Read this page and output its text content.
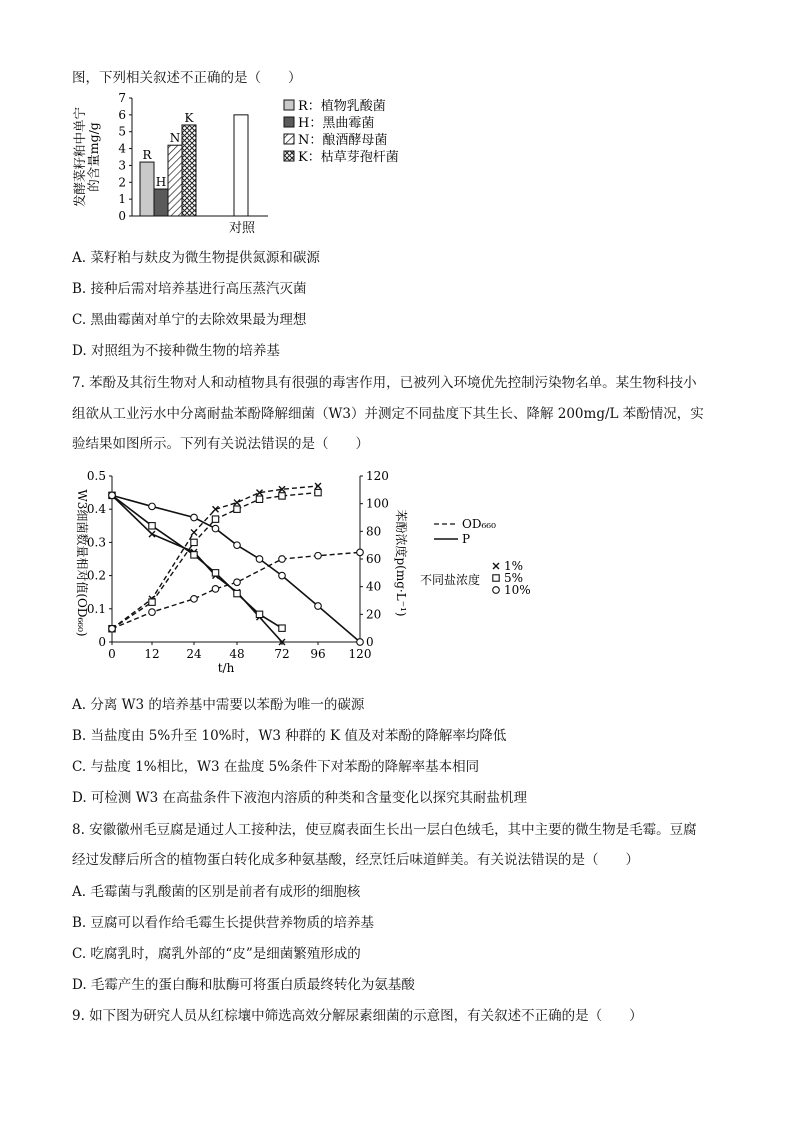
图，下列相关叙述不正确的是（　　）
发酵菜籽粕中单宁 的含量mg/g
0
1
2
3
4
5
6
7
R
H
N
K
对照
R：植物乳酸菌
H：黑曲霉菌
N：酿酒酵母菌
K：枯草芽孢杆菌
A. 菜籽粕与麸皮为微生物提供氮源和碳源
B. 接种后需对培养基进行高压蒸汽灭菌
C. 黑曲霉菌对单宁的去除效果最为理想
D. 对照组为不接种微生物的培养基
7. 苯酚及其衍生物对人和动植物具有很强的毒害作用，已被列入环境优先控制污染物名单。某生物科技小
组欲从工业污水中分离耐盐苯酚降解细菌（W3）并测定不同盐度下其生长、降解 200mg/L 苯酚情况，实
验结果如图所示。下列有关说法错误的是（　　）
0
0.1
0.2
0.3
0.4
0.5
0
20
40
60
80
100
120
0 12 24 48 72 96 120
t/h
W3细菌数量相对值(OD₆₆₀)	苯酚浓度p(mg·L⁻¹)	OD₆₆₀
P
不同盐浓度
1%
5%
10%
A. 分离 W3 的培养基中需要以苯酚为唯一的碳源
B. 当盐度由 5%升至 10%时，W3 种群的 K 值及对苯酚的降解率均降低
C. 与盐度 1%相比，W3 在盐度 5%条件下对苯酚的降解率基本相同
D. 可检测 W3 在高盐条件下液泡内溶质的种类和含量变化以探究其耐盐机理
8. 安徽徽州毛豆腐是通过人工接种法，使豆腐表面生长出一层白色绒毛，其中主要的微生物是毛霉。豆腐
经过发酵后所含的植物蛋白转化成多种氨基酸，经烹饪后味道鲜美。有关说法错误的是（　　）
A. 毛霉菌与乳酸菌的区别是前者有成形的细胞核
B. 豆腐可以看作给毛霉生长提供营养物质的培养基
C. 吃腐乳时，腐乳外部的“皮”是细菌繁殖形成的
D. 毛霉产生的蛋白酶和肽酶可将蛋白质最终转化为氨基酸
9. 如下图为研究人员从红棕壤中筛选高效分解尿素细菌的示意图，有关叙述不正确的是（　　）
